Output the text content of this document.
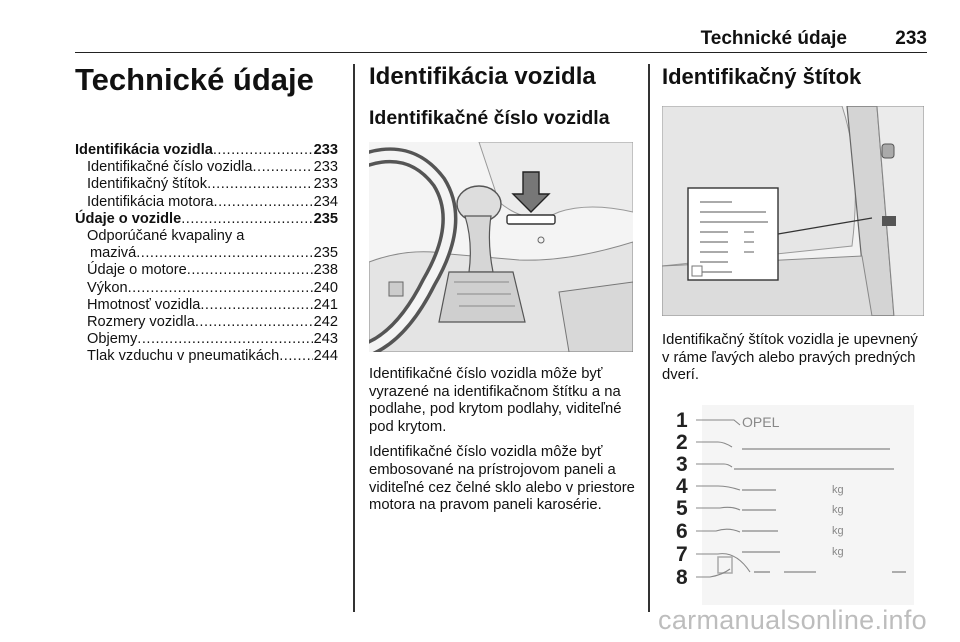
Technické údaje	233
Technické údaje
Identifikácia vozidla .....	233
Identifikačné číslo vozidla .....	233
Identifikačný štítok .....	233
Identifikácia motora .....	234
Údaje o vozidle .....	235
Odporúčané kvapaliny a
mazivá .....	235
Údaje o motore .....	238
Výkon .....	240
Hmotnosť vozidla .....	241
Rozmery vozidla .....	242
Objemy .....	243
Tlak vzduchu v pneumatikách ..... 244
Identifikácia vozidla
Identifikačné číslo vozidla

Identifikačné číslo vozidla môže byť vyrazené na identifikačnom štítku a na podlahe, pod krytom podlahy, viditeľné pod krytom.

Identifikačné číslo vozidla môže byť embosované na prístrojovom paneli a viditeľné cez čelné sklo alebo v priestore motora na pravom paneli karosérie.

Identifikačný štítok

Identifikačný štítok vozidla je upevnený v ráme ľavých alebo pravých predných dverí.

OPEL
kg
kg
kg
kg
1
2
3
4
5
6
7
8
carmanualsonline.info
